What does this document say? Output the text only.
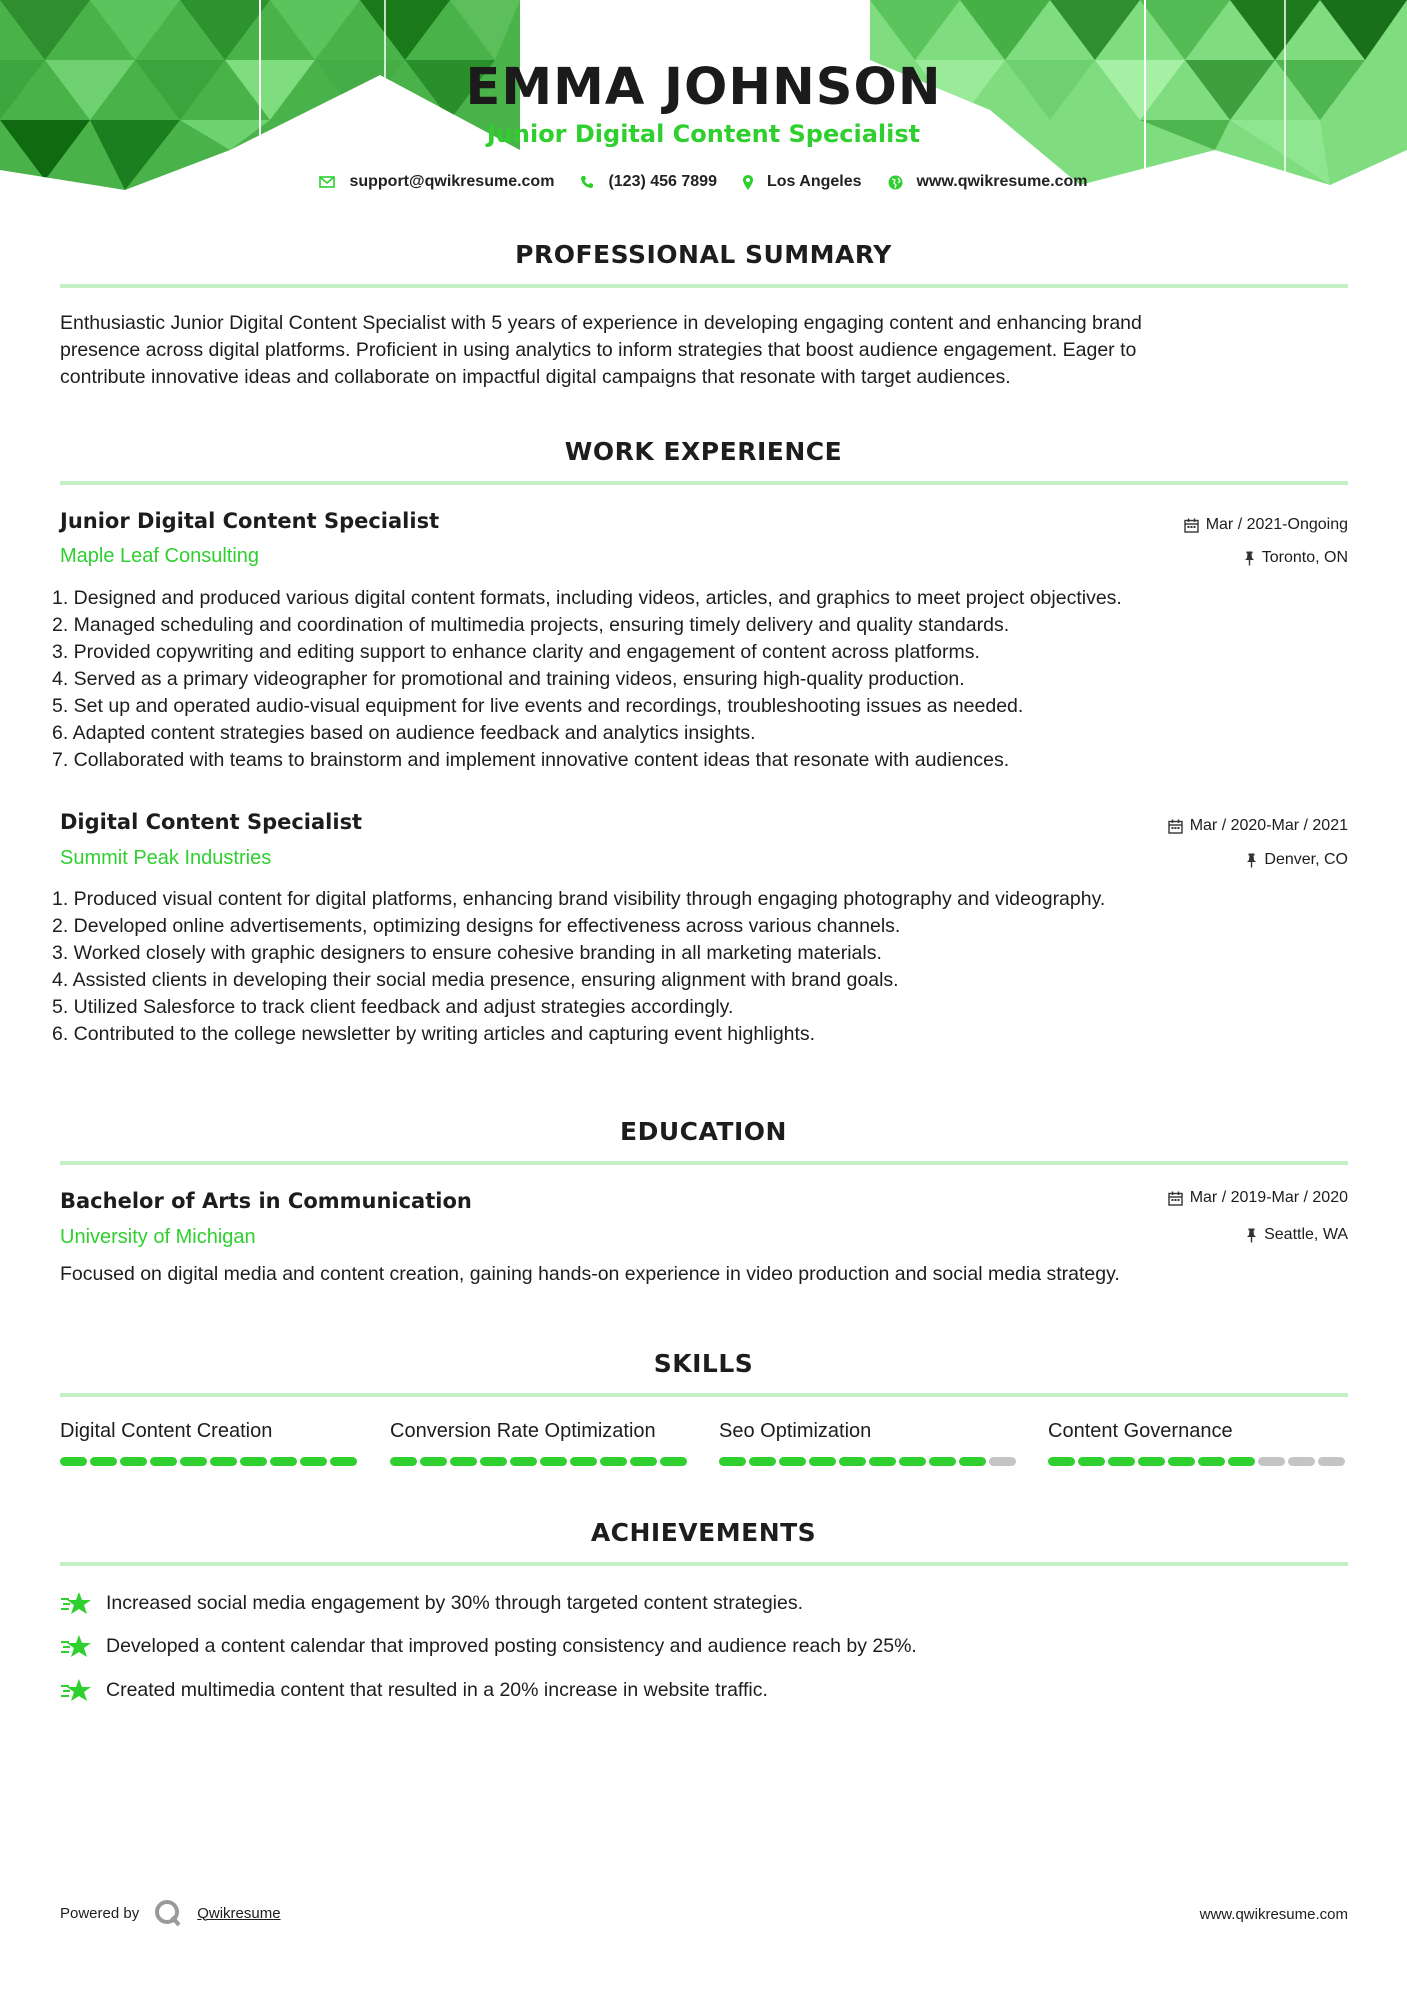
EMMA JOHNSON
Junior Digital Content Specialist
support@qwikresume.com	(123) 456 7899	Los Angeles	www.qwikresume.com
PROFESSIONAL SUMMARY
Enthusiastic Junior Digital Content Specialist with 5 years of experience in developing engaging content and enhancing brand
presence across digital platforms. Proficient in using analytics to inform strategies that boost audience engagement. Eager to
contribute innovative ideas and collaborate on impactful digital campaigns that resonate with target audiences.
WORK EXPERIENCE
Junior Digital Content Specialist	Mar / 2021-Ongoing
Maple Leaf Consulting	Toronto, ON
1. Designed and produced various digital content formats, including videos, articles, and graphics to meet project objectives.
2. Managed scheduling and coordination of multimedia projects, ensuring timely delivery and quality standards.
3. Provided copywriting and editing support to enhance clarity and engagement of content across platforms.
4. Served as a primary videographer for promotional and training videos, ensuring high-quality production.
5. Set up and operated audio-visual equipment for live events and recordings, troubleshooting issues as needed.
6. Adapted content strategies based on audience feedback and analytics insights.
7. Collaborated with teams to brainstorm and implement innovative content ideas that resonate with audiences.
Digital Content Specialist	Mar / 2020-Mar / 2021
Summit Peak Industries	Denver, CO
1. Produced visual content for digital platforms, enhancing brand visibility through engaging photography and videography.
2. Developed online advertisements, optimizing designs for effectiveness across various channels.
3. Worked closely with graphic designers to ensure cohesive branding in all marketing materials.
4. Assisted clients in developing their social media presence, ensuring alignment with brand goals.
5. Utilized Salesforce to track client feedback and adjust strategies accordingly.
6. Contributed to the college newsletter by writing articles and capturing event highlights.
EDUCATION
Bachelor of Arts in Communication	Mar / 2019-Mar / 2020
University of Michigan	Seattle, WA
Focused on digital media and content creation, gaining hands-on experience in video production and social media strategy.
SKILLS
Digital Content Creation	Conversion Rate Optimization	Seo Optimization	Content Governance
ACHIEVEMENTS
Increased social media engagement by 30% through targeted content strategies.
Developed a content calendar that improved posting consistency and audience reach by 25%.
Created multimedia content that resulted in a 20% increase in website traffic.
Powered by	Qwikresume	www.qwikresume.com
